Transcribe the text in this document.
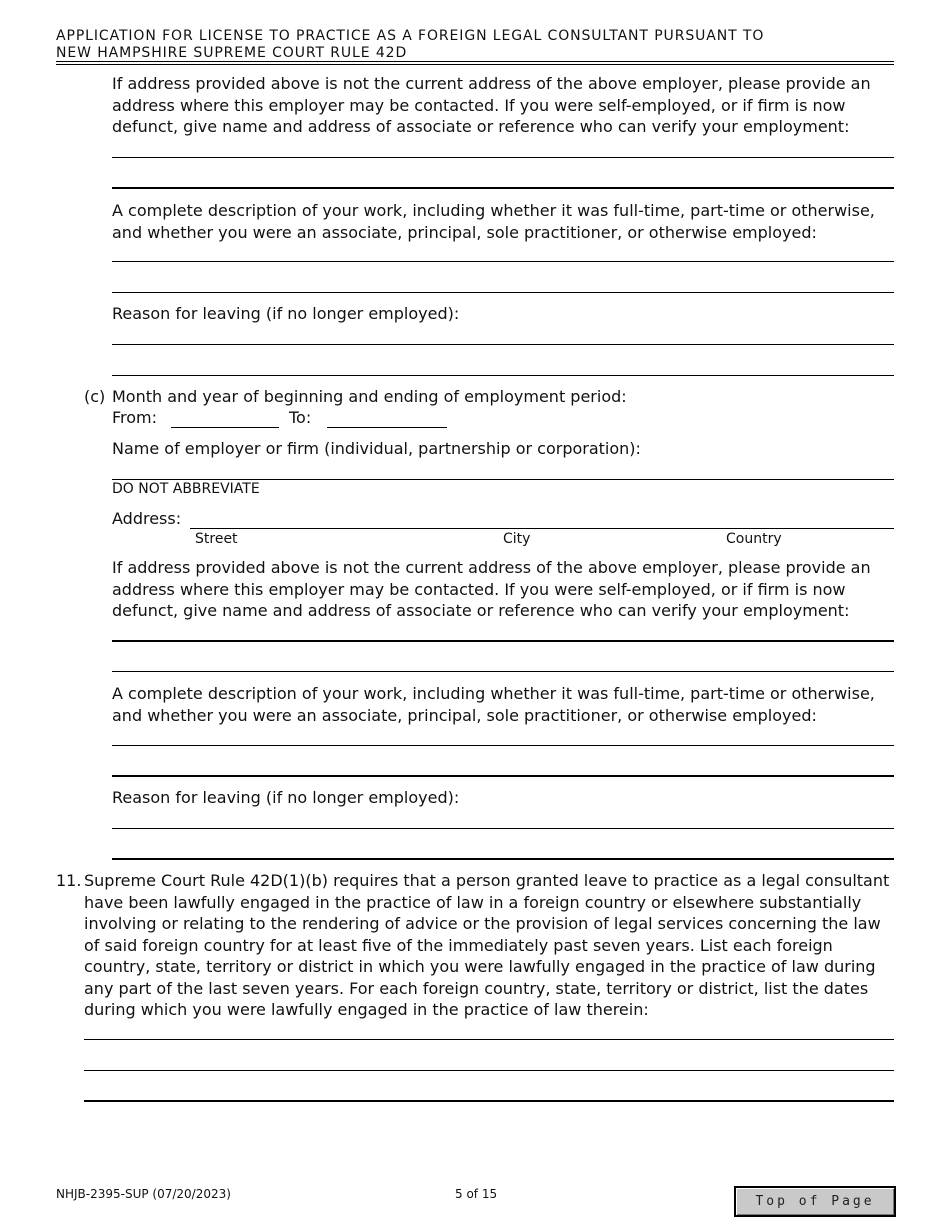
APPLICATION FOR LICENSE TO PRACTICE AS A FOREIGN LEGAL CONSULTANT PURSUANT TO
NEW HAMPSHIRE SUPREME COURT RULE 42D
If address provided above is not the current address of the above employer, please provide an address where this employer may be contacted. If you were self-employed, or if firm is now defunct, give name and address of associate or reference who can verify your employment:
A complete description of your work, including whether it was full-time, part-time or otherwise, and whether you were an associate, principal, sole practitioner, or otherwise employed:
Reason for leaving (if no longer employed):
(c) Month and year of beginning and ending of employment period:
From:	To:
Name of employer or firm (individual, partnership or corporation):
DO NOT ABBREVIATE
Address:
Street	City	Country
If address provided above is not the current address of the above employer, please provide an address where this employer may be contacted. If you were self-employed, or if firm is now defunct, give name and address of associate or reference who can verify your employment:
A complete description of your work, including whether it was full-time, part-time or otherwise, and whether you were an associate, principal, sole practitioner, or otherwise employed:
Reason for leaving (if no longer employed):
11. Supreme Court Rule 42D(1)(b) requires that a person granted leave to practice as a legal consultant have been lawfully engaged in the practice of law in a foreign country or elsewhere substantially involving or relating to the rendering of advice or the provision of legal services concerning the law of said foreign country for at least five of the immediately past seven years. List each foreign country, state, territory or district in which you were lawfully engaged in the practice of law during any part of the last seven years. For each foreign country, state, territory or district, list the dates during which you were lawfully engaged in the practice of law therein:
NHJB-2395-SUP (07/20/2023)	5 of 15	Top of Page
